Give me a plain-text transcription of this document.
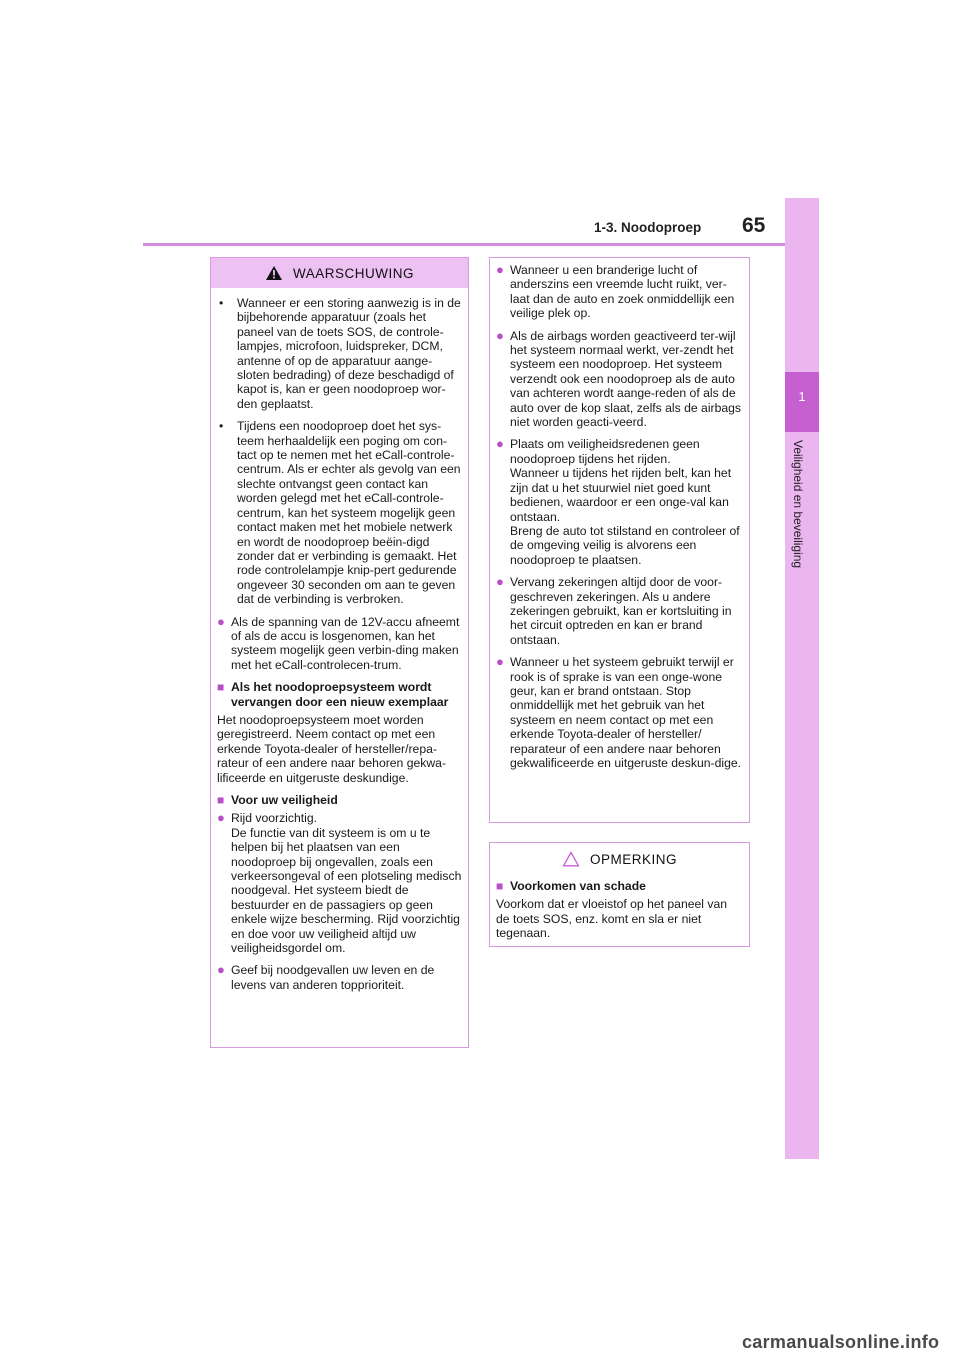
1-3. Noodoproep 65
1
Veiligheid en beveiliging
WAARSCHUWING
•	Wanneer er een storing aanwezig is in de bijbehorende apparatuur (zoals het paneel van de toets SOS, de controle-lampjes, microfoon, luidspreker, DCM, antenne of op de apparatuur aange-sloten bedrading) of deze beschadigd of kapot is, kan er geen noodoproep wor-den geplaatst.
•	Tijdens een noodoproep doet het sys-teem herhaaldelijk een poging om con-tact op te nemen met het eCall-controle-centrum. Als er echter als gevolg van een slechte ontvangst geen contact kan worden gelegd met het eCall-controle-centrum, kan het systeem mogelijk geen contact maken met het mobiele netwerk en wordt de noodoproep beëin-digd zonder dat er verbinding is gemaakt. Het rode controlelampje knip-pert gedurende ongeveer 30 seconden om aan te geven dat de verbinding is verbroken.
● Als de spanning van de 12V-accu afneemt of als de accu is losgenomen, kan het systeem mogelijk geen verbin-ding maken met het eCall-controlecen-trum.
■ Als het noodoproepsysteem wordt vervangen door een nieuw exemplaar
Het noodoproepsysteem moet worden geregistreerd. Neem contact op met een erkende Toyota-dealer of hersteller/repa-rateur of een andere naar behoren gekwa-lificeerde en uitgeruste deskundige.
■ Voor uw veiligheid
● Rijd voorzichtig.
De functie van dit systeem is om u te helpen bij het plaatsen van een noodoproep bij ongevallen, zoals een verkeersongeval of een plotseling medisch noodgeval. Het systeem biedt de bestuurder en de passagiers op geen enkele wijze bescherming. Rijd voorzichtig en doe voor uw veiligheid altijd uw veiligheidsgordel om.
● Geef bij noodgevallen uw leven en de levens van anderen topprioriteit.
● Wanneer u een branderige lucht of anderszins een vreemde lucht ruikt, ver-laat dan de auto en zoek onmiddellijk een veilige plek op.
● Als de airbags worden geactiveerd ter-wijl het systeem normaal werkt, ver-zendt het systeem een noodoproep. Het systeem verzendt ook een noodoproep als de auto van achteren wordt aange-reden of als de auto over de kop slaat, zelfs als de airbags niet worden geacti-veerd.
● Plaats om veiligheidsredenen geen noodoproep tijdens het rijden.
Wanneer u tijdens het rijden belt, kan het zijn dat u het stuurwiel niet goed kunt bedienen, waardoor er een onge-val kan ontstaan.
Breng de auto tot stilstand en controleer of de omgeving veilig is alvorens een noodoproep te plaatsen.
● Vervang zekeringen altijd door de voor-geschreven zekeringen. Als u andere zekeringen gebruikt, kan er kortsluiting in het circuit optreden en kan er brand ontstaan.
● Wanneer u het systeem gebruikt terwijl er rook is of sprake is van een onge-wone geur, kan er brand ontstaan. Stop onmiddellijk met het gebruik van het systeem en neem contact op met een erkende Toyota-dealer of hersteller/ reparateur of een andere naar behoren gekwalificeerde en uitgeruste deskun-dige.
OPMERKING
■ Voorkomen van schade
Voorkom dat er vloeistof op het paneel van de toets SOS, enz. komt en sla er niet tegenaan.
carmanualsonline.info
